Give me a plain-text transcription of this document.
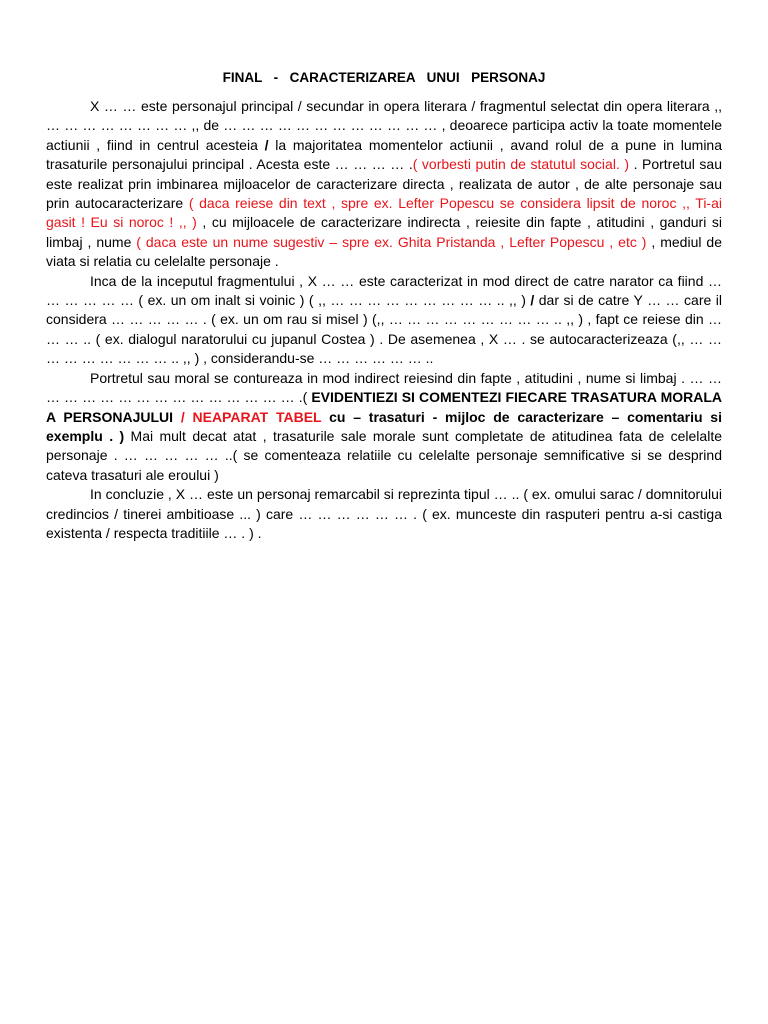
FINAL  -  CARACTERIZAREA  UNUI  PERSONAJ

X … … este personajul principal / secundar in opera literara / fragmentul selectat din opera literara ,, … … … … … … … … ,, de … … … … … … … … … … … … , deoarece participa activ la toate momentele actiunii , fiind in centrul acesteia / la majoritatea momentelor actiunii , avand rolul de a pune in lumina trasaturile personajului principal . Acesta este … … … … .( vorbesti putin de statutul social. ) . Portretul sau este realizat prin imbinarea mijloacelor de caracterizare directa , realizata de autor , de alte personaje sau prin autocaracterizare ( daca reiese din text , spre ex. Lefter Popescu se considera lipsit de noroc ,, Ti-ai gasit ! Eu si noroc ! ,, ) , cu mijloacele de caracterizare indirecta , reiesite din fapte , atitudini , ganduri si limbaj , nume ( daca este un nume sugestiv – spre ex. Ghita Pristanda , Lefter Popescu , etc ) , mediul de viata si relatia cu celelalte personaje .

Inca de la inceputul fragmentului , X … … este caracterizat in mod direct de catre narator ca fiind … … … … … … ( ex. un om inalt si voinic ) ( ,, … … … … … … … … … .. ,, ) / dar si de catre Y … … care il considera … … … … … . ( ex. un om rau si misel ) (,, … … … … … … … … … .. ,, ) , fapt ce reiese din … … … .. ( ex. dialogul naratorului cu jupanul Costea ) . De asemenea , X … . se autocaracterizeaza (,, … … … … … … … … … .. ,, ) , considerandu-se … … … … … … ..

Portretul sau moral se contureaza in mod indirect reiesind din fapte , atitudini , nume si limbaj . … … … … … … … … … … … … … … … … .( EVIDENTIEZI SI COMENTEZI FIECARE TRASATURA MORALA A PERSONAJULUI / NEAPARAT TABEL cu – trasaturi - mijloc de caracterizare – comentariu si exemplu . ) Mai mult decat atat , trasaturile sale morale sunt completate de atitudinea fata de celelalte personaje . … … … … … ..( se comenteaza relatiile cu celelalte personaje semnificative si se desprind cateva trasaturi ale eroului )

In concluzie , X … este un personaj remarcabil si reprezinta tipul … .. ( ex. omului sarac / domnitorului credincios / tinerei ambitioase ... ) care … … … … … … . ( ex. munceste din rasputeri pentru a-si castiga existenta / respecta traditiile … . ) .
